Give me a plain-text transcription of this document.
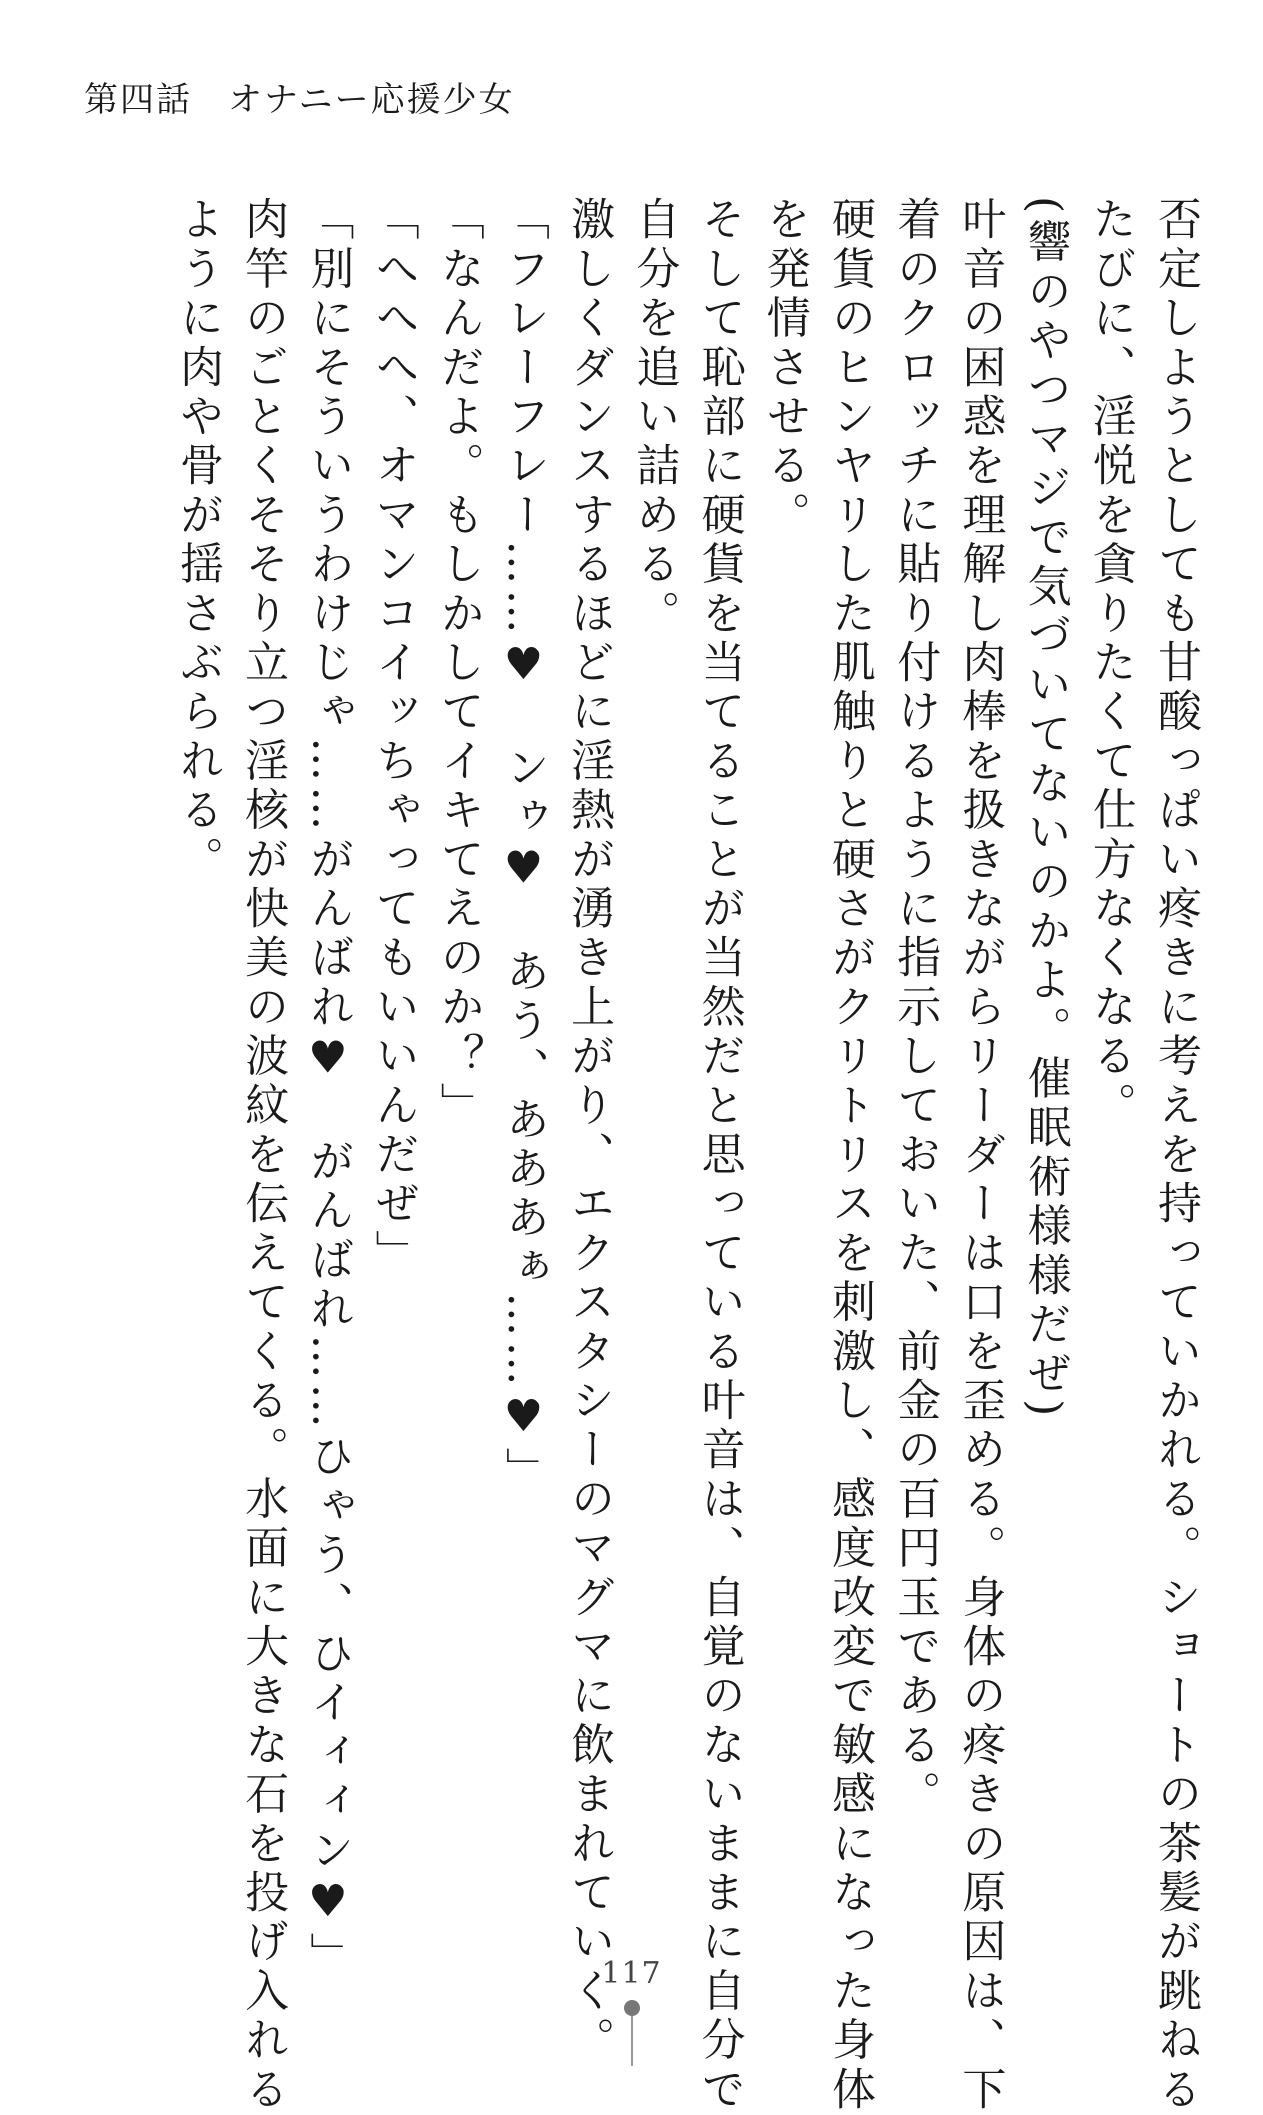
第四話　オナニー応援少女

否定しようとしても甘酸っぱい疼きに考えを持っていかれる。ショートの茶髪が跳ねる

たびに、淫悦を貪りたくて仕方なくなる。

(響のやつマジで気づいてないのかよ。催眠術様様だぜ)

叶音の困惑を理解し肉棒を扱きながらリーダーは口を歪める。身体の疼きの原因は、下

着のクロッチに貼り付けるように指示しておいた、前金の百円玉である。

硬貨のヒンヤリした肌触りと硬さがクリトリスを刺激し、感度改変で敏感になった身体

を発情させる。

そして恥部に硬貨を当てることが当然だと思っている叶音は、自覚のないままに自分で

自分を追い詰める。

激しくダンスするほどに淫熱が湧き上がり、エクスタシーのマグマに飲まれていく。

「フレーフレー……♥　ンゥ♥　あう、あああぁ……♥」

「なんだよ。もしかしてイキてえのか？」

「へへへ、オマンコイッちゃってもいいんだぜ」

「別にそういうわけじゃ……がんばれ♥　がんばれ……ひゃう、ひイィィン♥」

肉竿のごとくそそり立つ淫核が快美の波紋を伝えてくる。水面に大きな石を投げ入れる

ように肉や骨が揺さぶられる。

117
